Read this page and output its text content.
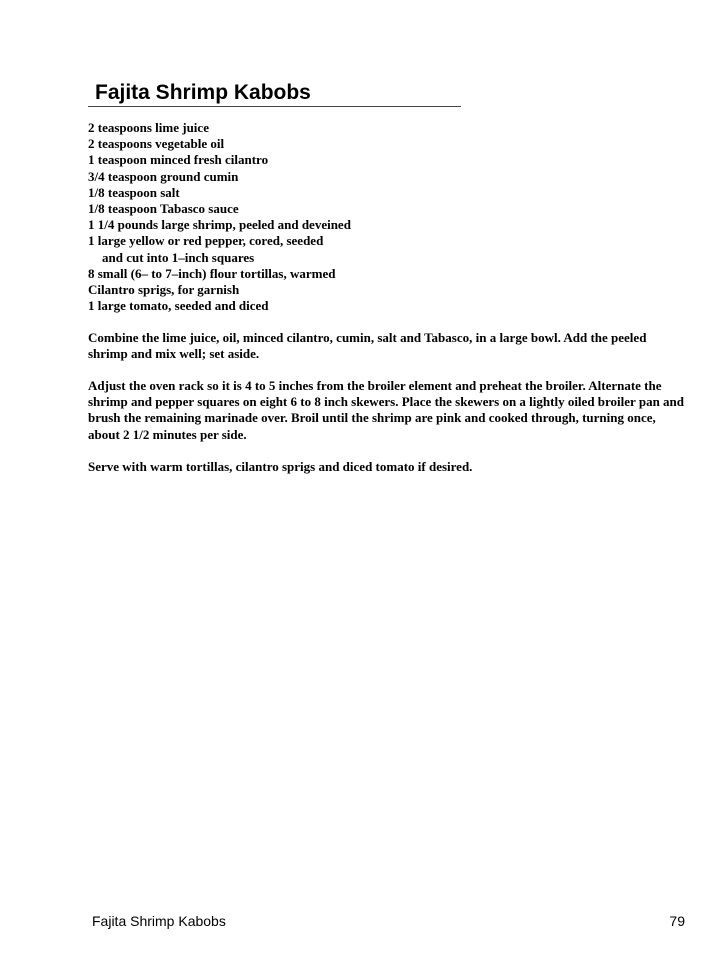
Fajita Shrimp Kabobs
2 teaspoons lime juice
2 teaspoons vegetable oil
1 teaspoon minced fresh cilantro
3/4 teaspoon ground cumin
1/8 teaspoon salt
1/8 teaspoon Tabasco sauce
1 1/4 pounds large shrimp, peeled and deveined
1 large yellow or red pepper, cored, seeded
and cut into 1–inch squares
8 small (6– to 7–inch) flour tortillas, warmed
Cilantro sprigs, for garnish
1 large tomato, seeded and diced

Combine the lime juice, oil, minced cilantro, cumin, salt and Tabasco, in a large bowl. Add the peeled shrimp and mix well; set aside.

Adjust the oven rack so it is 4 to 5 inches from the broiler element and preheat the broiler. Alternate the shrimp and pepper squares on eight 6 to 8 inch skewers. Place the skewers on a lightly oiled broiler pan and brush the remaining marinade over. Broil until the shrimp are pink and cooked through, turning once, about 2 1/2 minutes per side.

Serve with warm tortillas, cilantro sprigs and diced tomato if desired.

Fajita Shrimp Kabobs	79
